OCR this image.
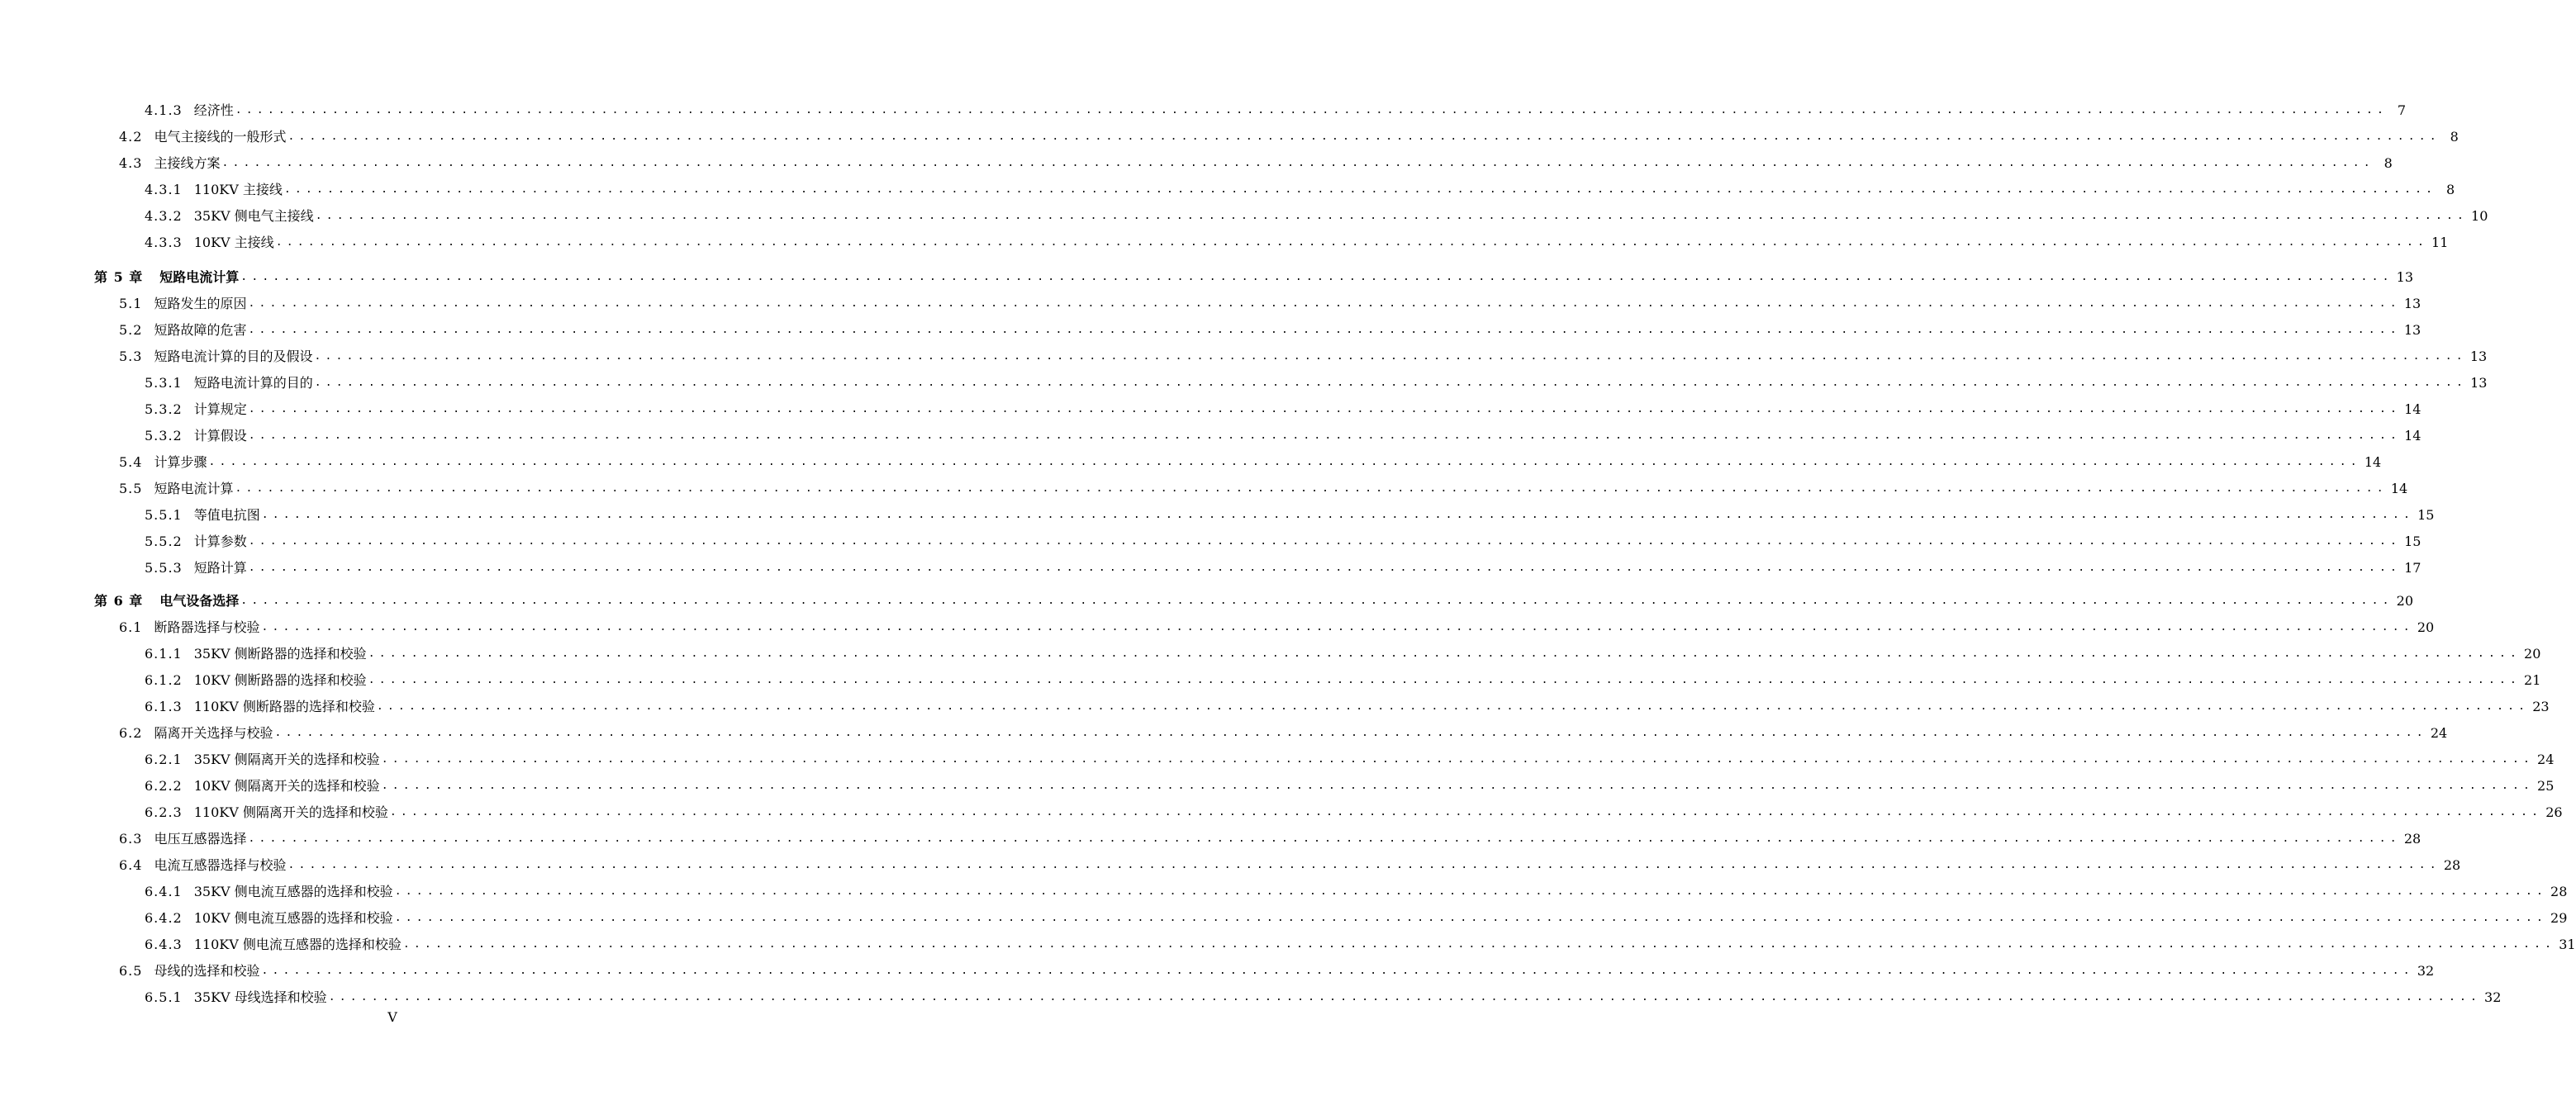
4.1.3 经济性 ........................................................................................................................................................................................................ 7
4.2 电气主接线的一般形式 ........................................................................................................................................................................................................ 8
4.3 主接线方案 ........................................................................................................................................................................................................ 8
4.3.1 110KV 主接线 ........................................................................................................................................................................................................ 8
4.3.2 35KV 侧电气主接线 ........................................................................................................................................................................................................ 10
4.3.3 10KV 主接线 ........................................................................................................................................................................................................ 11
第 5 章 短路电流计算 ........................................................................................................................................................................................................ 13
5.1 短路发生的原因 ........................................................................................................................................................................................................ 13
5.2 短路故障的危害 ........................................................................................................................................................................................................ 13
5.3 短路电流计算的目的及假设 ........................................................................................................................................................................................................ 13
5.3.1 短路电流计算的目的 ........................................................................................................................................................................................................ 13
5.3.2 计算规定 ........................................................................................................................................................................................................ 14
5.3.2 计算假设 ........................................................................................................................................................................................................ 14
5.4 计算步骤 ........................................................................................................................................................................................................ 14
5.5 短路电流计算 ........................................................................................................................................................................................................ 14
5.5.1 等值电抗图 ........................................................................................................................................................................................................ 15
5.5.2 计算参数 ........................................................................................................................................................................................................ 15
5.5.3 短路计算 ........................................................................................................................................................................................................ 17
第 6 章 电气设备选择 ........................................................................................................................................................................................................ 20
6.1 断路器选择与校验 ........................................................................................................................................................................................................ 20
6.1.1 35KV 侧断路器的选择和校验 ........................................................................................................................................................................................................ 20
6.1.2 10KV 侧断路器的选择和校验 ........................................................................................................................................................................................................ 21
6.1.3 110KV 侧断路器的选择和校验 ........................................................................................................................................................................................................ 23
6.2 隔离开关选择与校验 ........................................................................................................................................................................................................ 24
6.2.1 35KV 侧隔离开关的选择和校验 ........................................................................................................................................................................................................ 24
6.2.2 10KV 侧隔离开关的选择和校验 ........................................................................................................................................................................................................ 25
6.2.3 110KV 侧隔离开关的选择和校验 ........................................................................................................................................................................................................ 26
6.3 电压互感器选择 ........................................................................................................................................................................................................ 28
6.4 电流互感器选择与校验 ........................................................................................................................................................................................................ 28
6.4.1 35KV 侧电流互感器的选择和校验 ........................................................................................................................................................................................................ 28
6.4.2 10KV 侧电流互感器的选择和校验 ........................................................................................................................................................................................................ 29
6.4.3 110KV 侧电流互感器的选择和校验 ........................................................................................................................................................................................................ 31
6.5 母线的选择和校验 ........................................................................................................................................................................................................ 32
6.5.1 35KV 母线选择和校验 ........................................................................................................................................................................................................ 32
V
